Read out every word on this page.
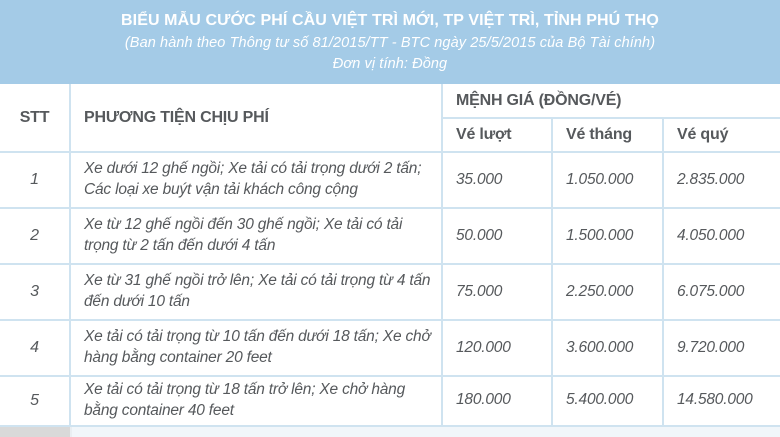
BIỂU MẪU CƯỚC PHÍ CẦU VIỆT TRÌ MỚI, TP VIỆT TRÌ, TỈNH PHÚ THỌ
(Ban hành theo Thông tư số 81/2015/TT - BTC ngày 25/5/2015 của Bộ Tài chính)
Đơn vị tính: Đồng
STT	PHƯƠNG TIỆN CHỊU PHÍ	MỆNH GIÁ (ĐỒNG/VÉ)		
		Vé lượt	Vé tháng	Vé quý
1	Xe dưới 12 ghế ngồi; Xe tải có tải trọng dưới 2 tấn; Các loại xe buýt vận tải khách công cộng	35.000	1.050.000	2.835.000
2	Xe từ 12 ghế ngồi đến 30 ghế ngồi; Xe tải có tải trọng từ 2 tấn đến dưới 4 tấn	50.000	1.500.000	4.050.000
3	Xe từ 31 ghế ngồi trở lên; Xe tải có tải trọng từ 4 tấn đến dưới 10 tấn	75.000	2.250.000	6.075.000
4	Xe tải có tải trọng từ 10 tấn đến dưới 18 tấn; Xe chở hàng bằng container 20 feet	120.000	3.600.000	9.720.000
5	Xe tải có tải trọng từ 18 tấn trở lên; Xe chở hàng bằng container 40 feet	180.000	5.400.000	14.580.000
